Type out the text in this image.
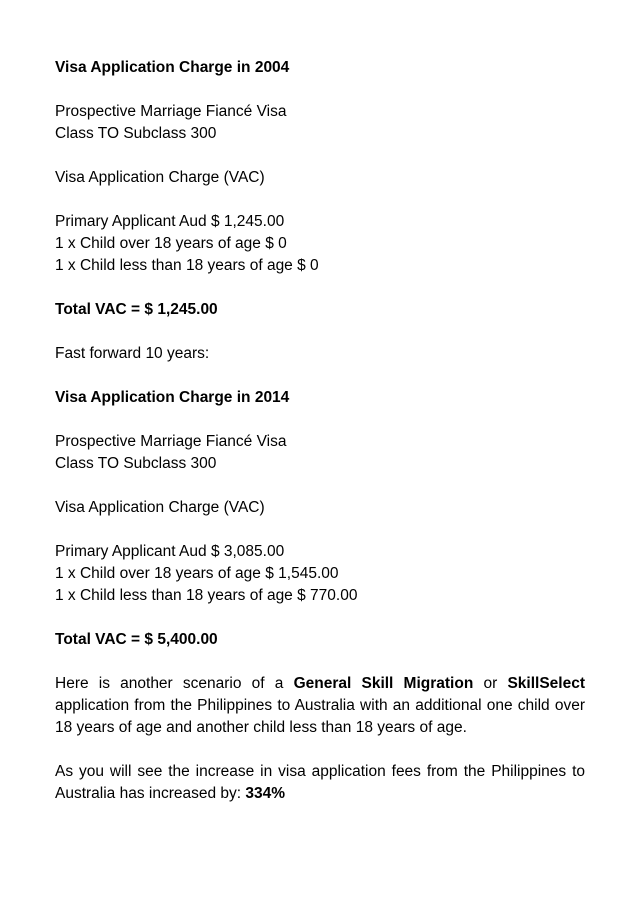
Visa Application Charge in 2004
Prospective Marriage Fiancé Visa
Class TO Subclass 300
Visa Application Charge (VAC)
Primary Applicant Aud $ 1,245.00
1 x Child over 18 years of age $ 0
1 x Child less than 18 years of age $ 0
Total VAC = $ 1,245.00
Fast forward 10 years:
Visa Application Charge in 2014
Prospective Marriage Fiancé Visa
Class TO Subclass 300
Visa Application Charge (VAC)
Primary Applicant Aud $ 3,085.00
1 x Child over 18 years of age $ 1,545.00
1 x Child less than 18 years of age $ 770.00
Total VAC = $ 5,400.00

Here is another scenario of a General Skill Migration or SkillSelect application from the Philippines to Australia with an additional one child over 18 years of age and another child less than 18 years of age.

As you will see the increase in visa application fees from the Philippines to Australia has increased by: 334%
